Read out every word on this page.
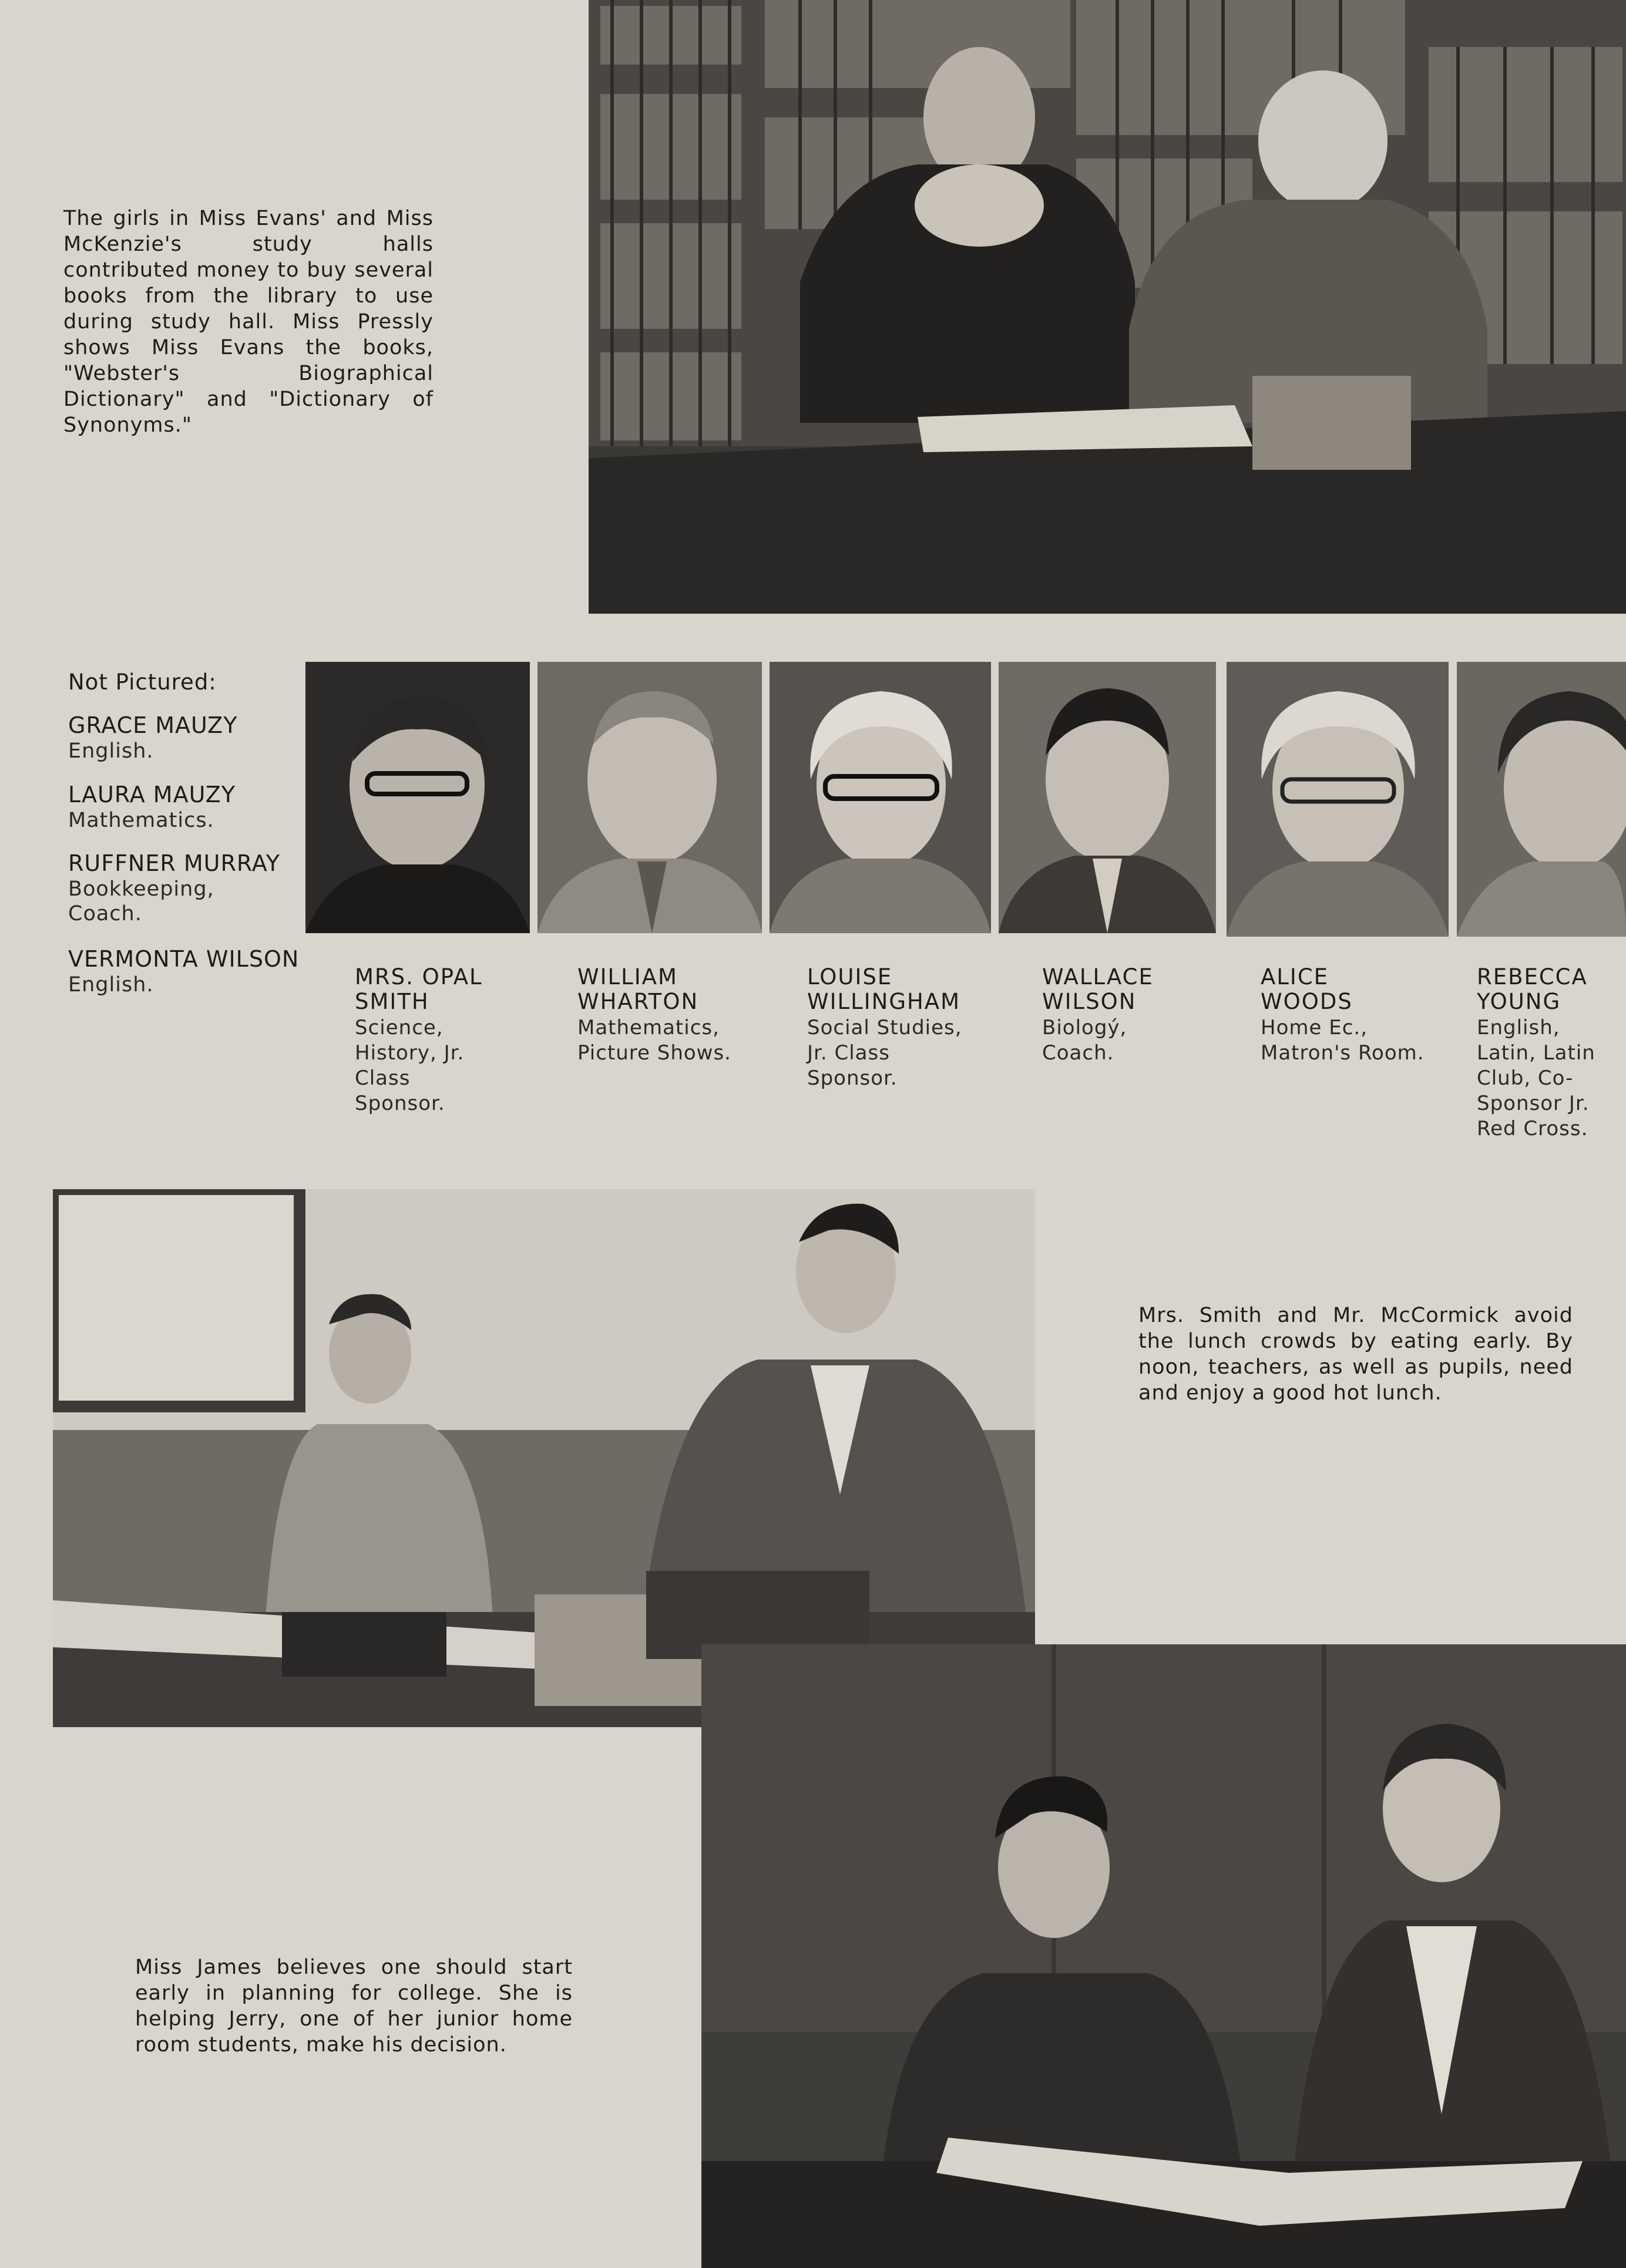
The girls in Miss Evans' and Miss McKenzie's study halls contributed money to buy several books from the library to use during study hall. Miss Pressly shows Miss Evans the books, "Webster's Biographical Dictionary" and "Dictionary of Synonyms."
Not Pictured:
GRACE MAUZY
English.
LAURA MAUZY
Mathematics.
RUFFNER MURRAY
Bookkeeping, Coach.
VERMONTA WILSON
English.	MRS. OPAL SMITH
Science, History, Jr. Class Sponsor.
WILLIAM WHARTON
Mathematics, Picture Shows.
LOUISE WILLINGHAM
Social Studies, Jr. Class Sponsor.
WALLACE WILSON
Biologý, Coach.
ALICE WOODS
Home Ec., Matron's Room.
REBECCA YOUNG
English, Latin, Latin Club, Co-Sponsor Jr. Red Cross.
Mrs. Smith and Mr. McCormick avoid the lunch crowds by eating early. By noon, teachers, as well as pupils, need and enjoy a good hot lunch.
Miss James believes one should start early in planning for college. She is helping Jerry, one of her junior home room students, make his decision.
